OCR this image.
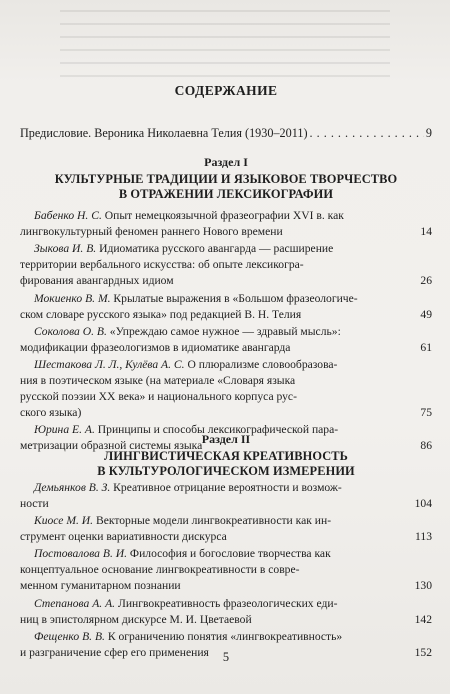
СОДЕРЖАНИЕ
Предисловие. Вероника Николаевна Телия (1930–2011) . . .	9
Раздел I
КУЛЬТУРНЫЕ ТРАДИЦИИ И ЯЗЫКОВОЕ ТВОРЧЕСТВО
В ОТРАЖЕНИИ ЛЕКСИКОГРАФИИ
Бабенко Н. С. Опыт немецкоязычной фразеографии XVI в. как
лингвокультурный феномен раннего Нового времени	14
Зыкова И. В. Идиоматика русского авангарда — расширение
территории вербального искусства: об опыте лексикогра-
фирования авангардных идиом	26
Мокиенко В. М. Крылатые выражения в «Большом фразеологиче-
ском словаре русского языка» под редакцией В. Н. Телия	49
Соколова О. В. «Упреждаю самое нужное — здравый мысль»:
модификации фразеологизмов в идиоматике авангарда	61
Шестакова Л. Л., Кулёва А. С. О плюрализме словообразова-
ния в поэтическом языке (на материале «Словаря языка
русской поэзии XX века» и национального корпуса рус-
ского языка)	75
Юрина Е. А. Принципы и способы лексикографической пара-
метризации образной системы языка	86
Раздел II
ЛИНГВИСТИЧЕСКАЯ КРЕАТИВНОСТЬ
В КУЛЬТУРОЛОГИЧЕСКОМ ИЗМЕРЕНИИ
Демьянков В. З. Креативное отрицание вероятности и возмож-
ности	104
Киосе М. И. Векторные модели лингвокреативности как ин-
струмент оценки вариативности дискурса	113
Постовалова В. И. Философия и богословие творчества как
концептуальное основание лингвокреативности в совре-
менном гуманитарном познании	130
Степанова А. А. Лингвокреативность фразеологических еди-
ниц в эпистолярном дискурсе М. И. Цветаевой	142
5
Фещенко В. В. К ограничению понятия «лингвокреативность»
и разграничение сфер его применения	152
